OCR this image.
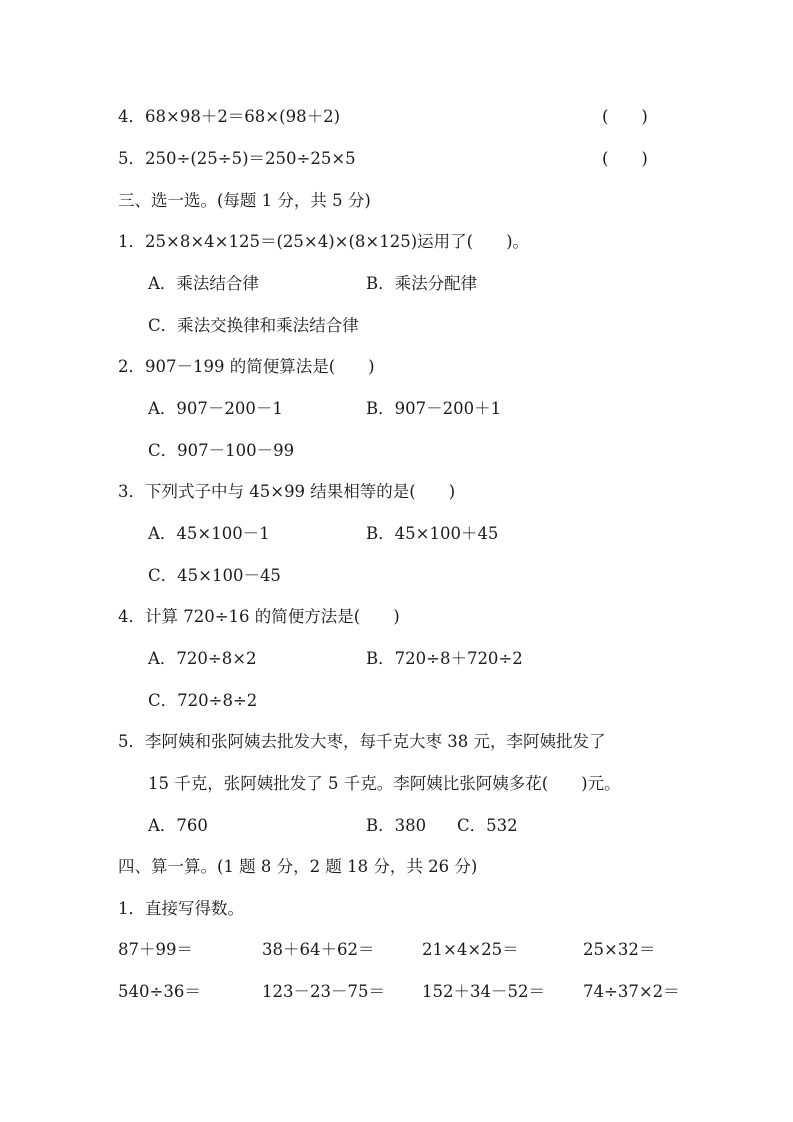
4．68×98＋2＝68×(98＋2)	(　　)
5．250÷(25÷5)＝250÷25×5	(　　)
三、选一选。(每题 1 分，共 5 分)
1．25×8×4×125＝(25×4)×(8×125)运用了(　　)。
A．乘法结合律	B．乘法分配律
C．乘法交换律和乘法结合律
2．907－199 的简便算法是(　　)
A．907－200－1	B．907－200＋1
C．907－100－99
3．下列式子中与 45×99 结果相等的是(　　)
A．45×100－1	B．45×100＋45
C．45×100－45
4．计算 720÷16 的简便方法是(　　)
A．720÷8×2	B．720÷8＋720÷2
C．720÷8÷2
5．李阿姨和张阿姨去批发大枣，每千克大枣 38 元，李阿姨批发了
15 千克，张阿姨批发了 5 千克。李阿姨比张阿姨多花(　　)元。
A．760	B．380 C．532
四、算一算。(1 题 8 分，2 题 18 分，共 26 分)
1．直接写得数。
87＋99＝	38＋64＋62＝	21×4×25＝	25×32＝
540÷36＝	123－23－75＝ 152＋34－52＝ 74÷37×2＝
